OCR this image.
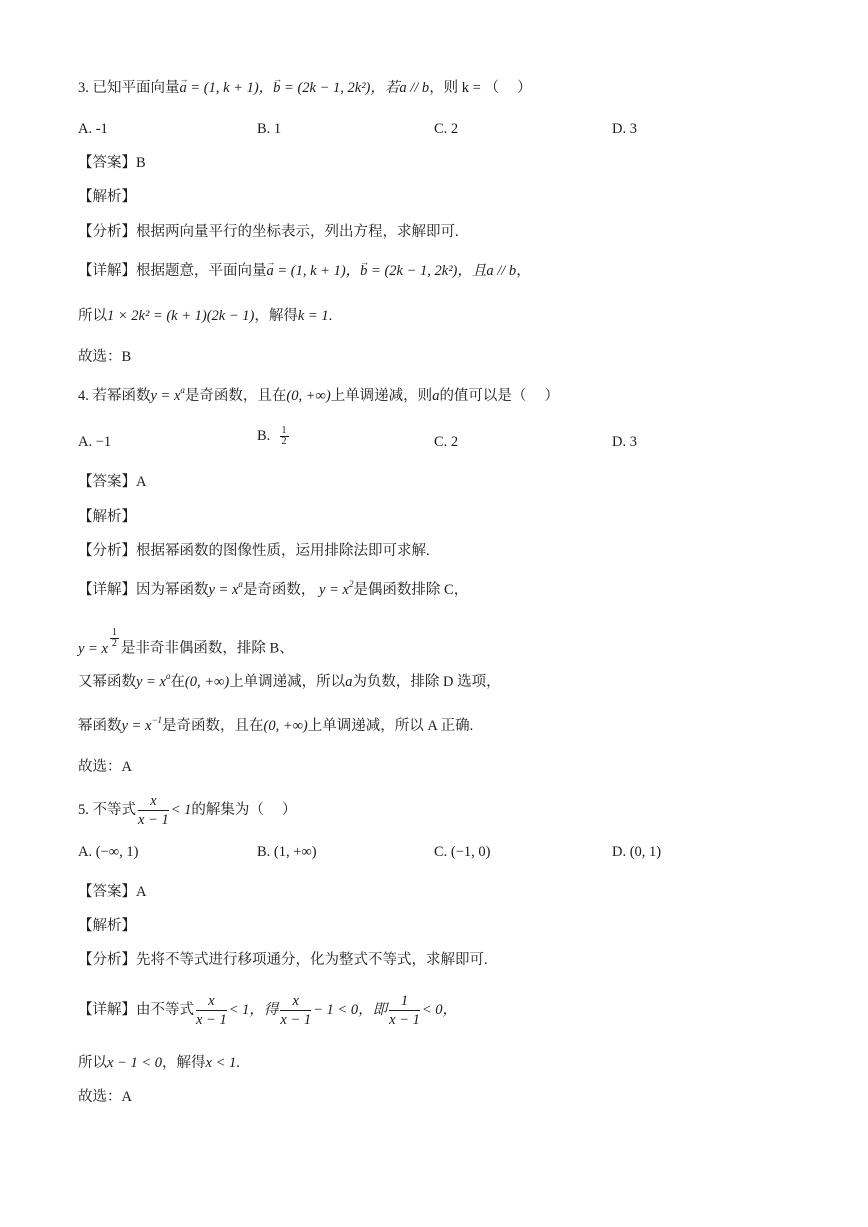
3. 已知平面向量→ a = (1, k + 1)，→ b = (2k − 1, 2k²)，若a // b，则 k = （　 ）
A. -1	B. 1	C. 2	D. 3
【答案】B
【解析】
【分析】根据两向量平行的坐标表示，列出方程，求解即可.
【详解】根据题意，平面向量→ a = (1, k + 1)，→ b = (2k − 1, 2k²)，且a // b，
所以1 × 2k² = (k + 1)(2k − 1)，解得k = 1.
故选：B
4. 若幂函数$y = x^a$是奇函数，且在(0, +∞)上单调递减，则a的值可以是（　 ）
A. −1	B. $\frac{1}{2}$	C. 2	D. 3
【答案】A
【解析】
【分析】根据幂函数的图像性质，运用排除法即可求解.
【详解】因为幂函数$y = x^a$是奇函数， $y = x^2$是偶函数排除 C，
y = x $^{\frac{1}{2}}$ 是非奇非偶函数，排除 B、
又幂函数$y = x^a$在(0, +∞)上单调递减，所以a为负数，排除 D 选项，
幂函数$y = x^{-1}$是奇函数，且在(0, +∞)上单调递减，所以 A 正确.
故选：A
5. 不等式 $\frac{x}{x - 1} < 1$的解集为（　 ）
A. (−∞, 1)	B. (1, +∞)	C. (−1, 0)	D. (0, 1)
【答案】A
【解析】
【分析】先将不等式进行移项通分，化为整式不等式，求解即可.
【详解】由不等式 $\frac{x}{x - 1} < 1$，得 $\frac{x}{x - 1} - 1 < 0$，即 $\frac{1}{x - 1} < 0$，
所以x − 1 < 0，解得x < 1.
故选：A
